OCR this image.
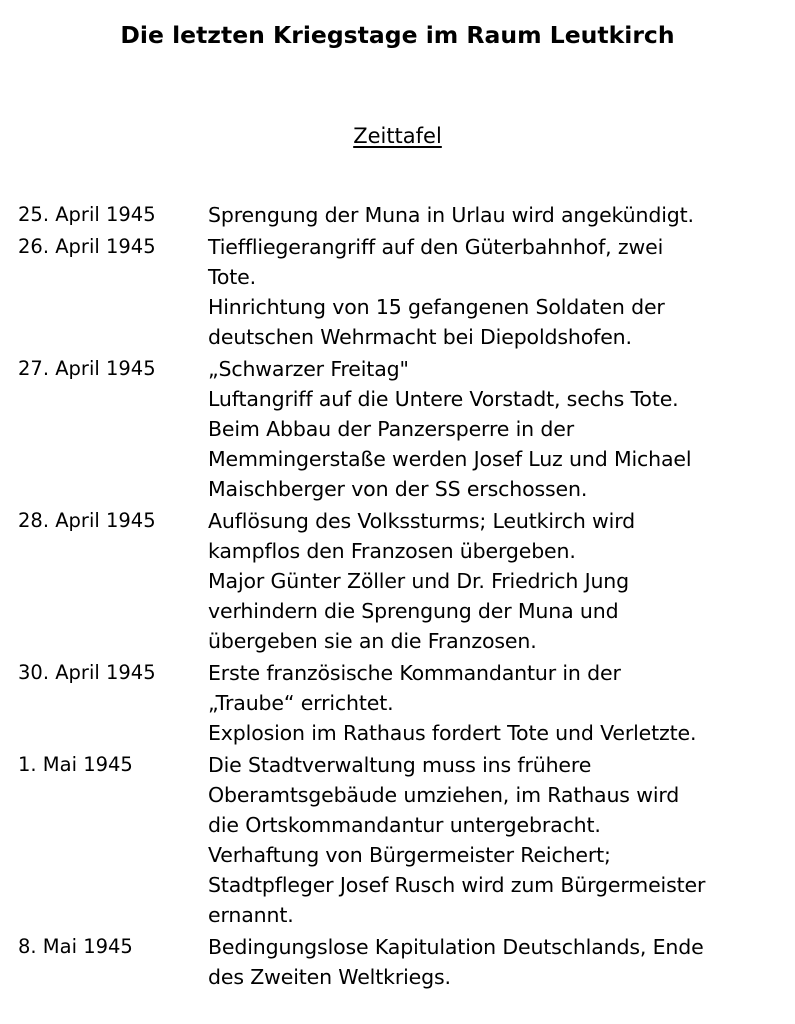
Die letzten Kriegstage im Raum Leutkirch

Zeittafel

25. April 1945	Sprengung der Muna in Urlau wird angekündigt.
26. April 1945	Tieffliegerangriff auf den Güterbahnhof, zwei
Tote.
Hinrichtung von 15 gefangenen Soldaten der
deutschen Wehrmacht bei Diepoldshofen.
27. April 1945	„Schwarzer Freitag"
Luftangriff auf die Untere Vorstadt, sechs Tote.
Beim Abbau der Panzersperre in der
Memmingerstaße werden Josef Luz und Michael
Maischberger von der SS erschossen.
28. April 1945	Auflösung des Volkssturms; Leutkirch wird
kampflos den Franzosen übergeben.
Major Günter Zöller und Dr. Friedrich Jung
verhindern die Sprengung der Muna und
übergeben sie an die Franzosen.
30. April 1945	Erste französische Kommandantur in der
„Traube“ errichtet.
Explosion im Rathaus fordert Tote und Verletzte.
1. Mai 1945	Die Stadtverwaltung muss ins frühere
Oberamtsgebäude umziehen, im Rathaus wird
die Ortskommandantur untergebracht.
Verhaftung von Bürgermeister Reichert;
Stadtpfleger Josef Rusch wird zum Bürgermeister
ernannt.
8. Mai 1945	Bedingungslose Kapitulation Deutschlands, Ende
des Zweiten Weltkriegs.
